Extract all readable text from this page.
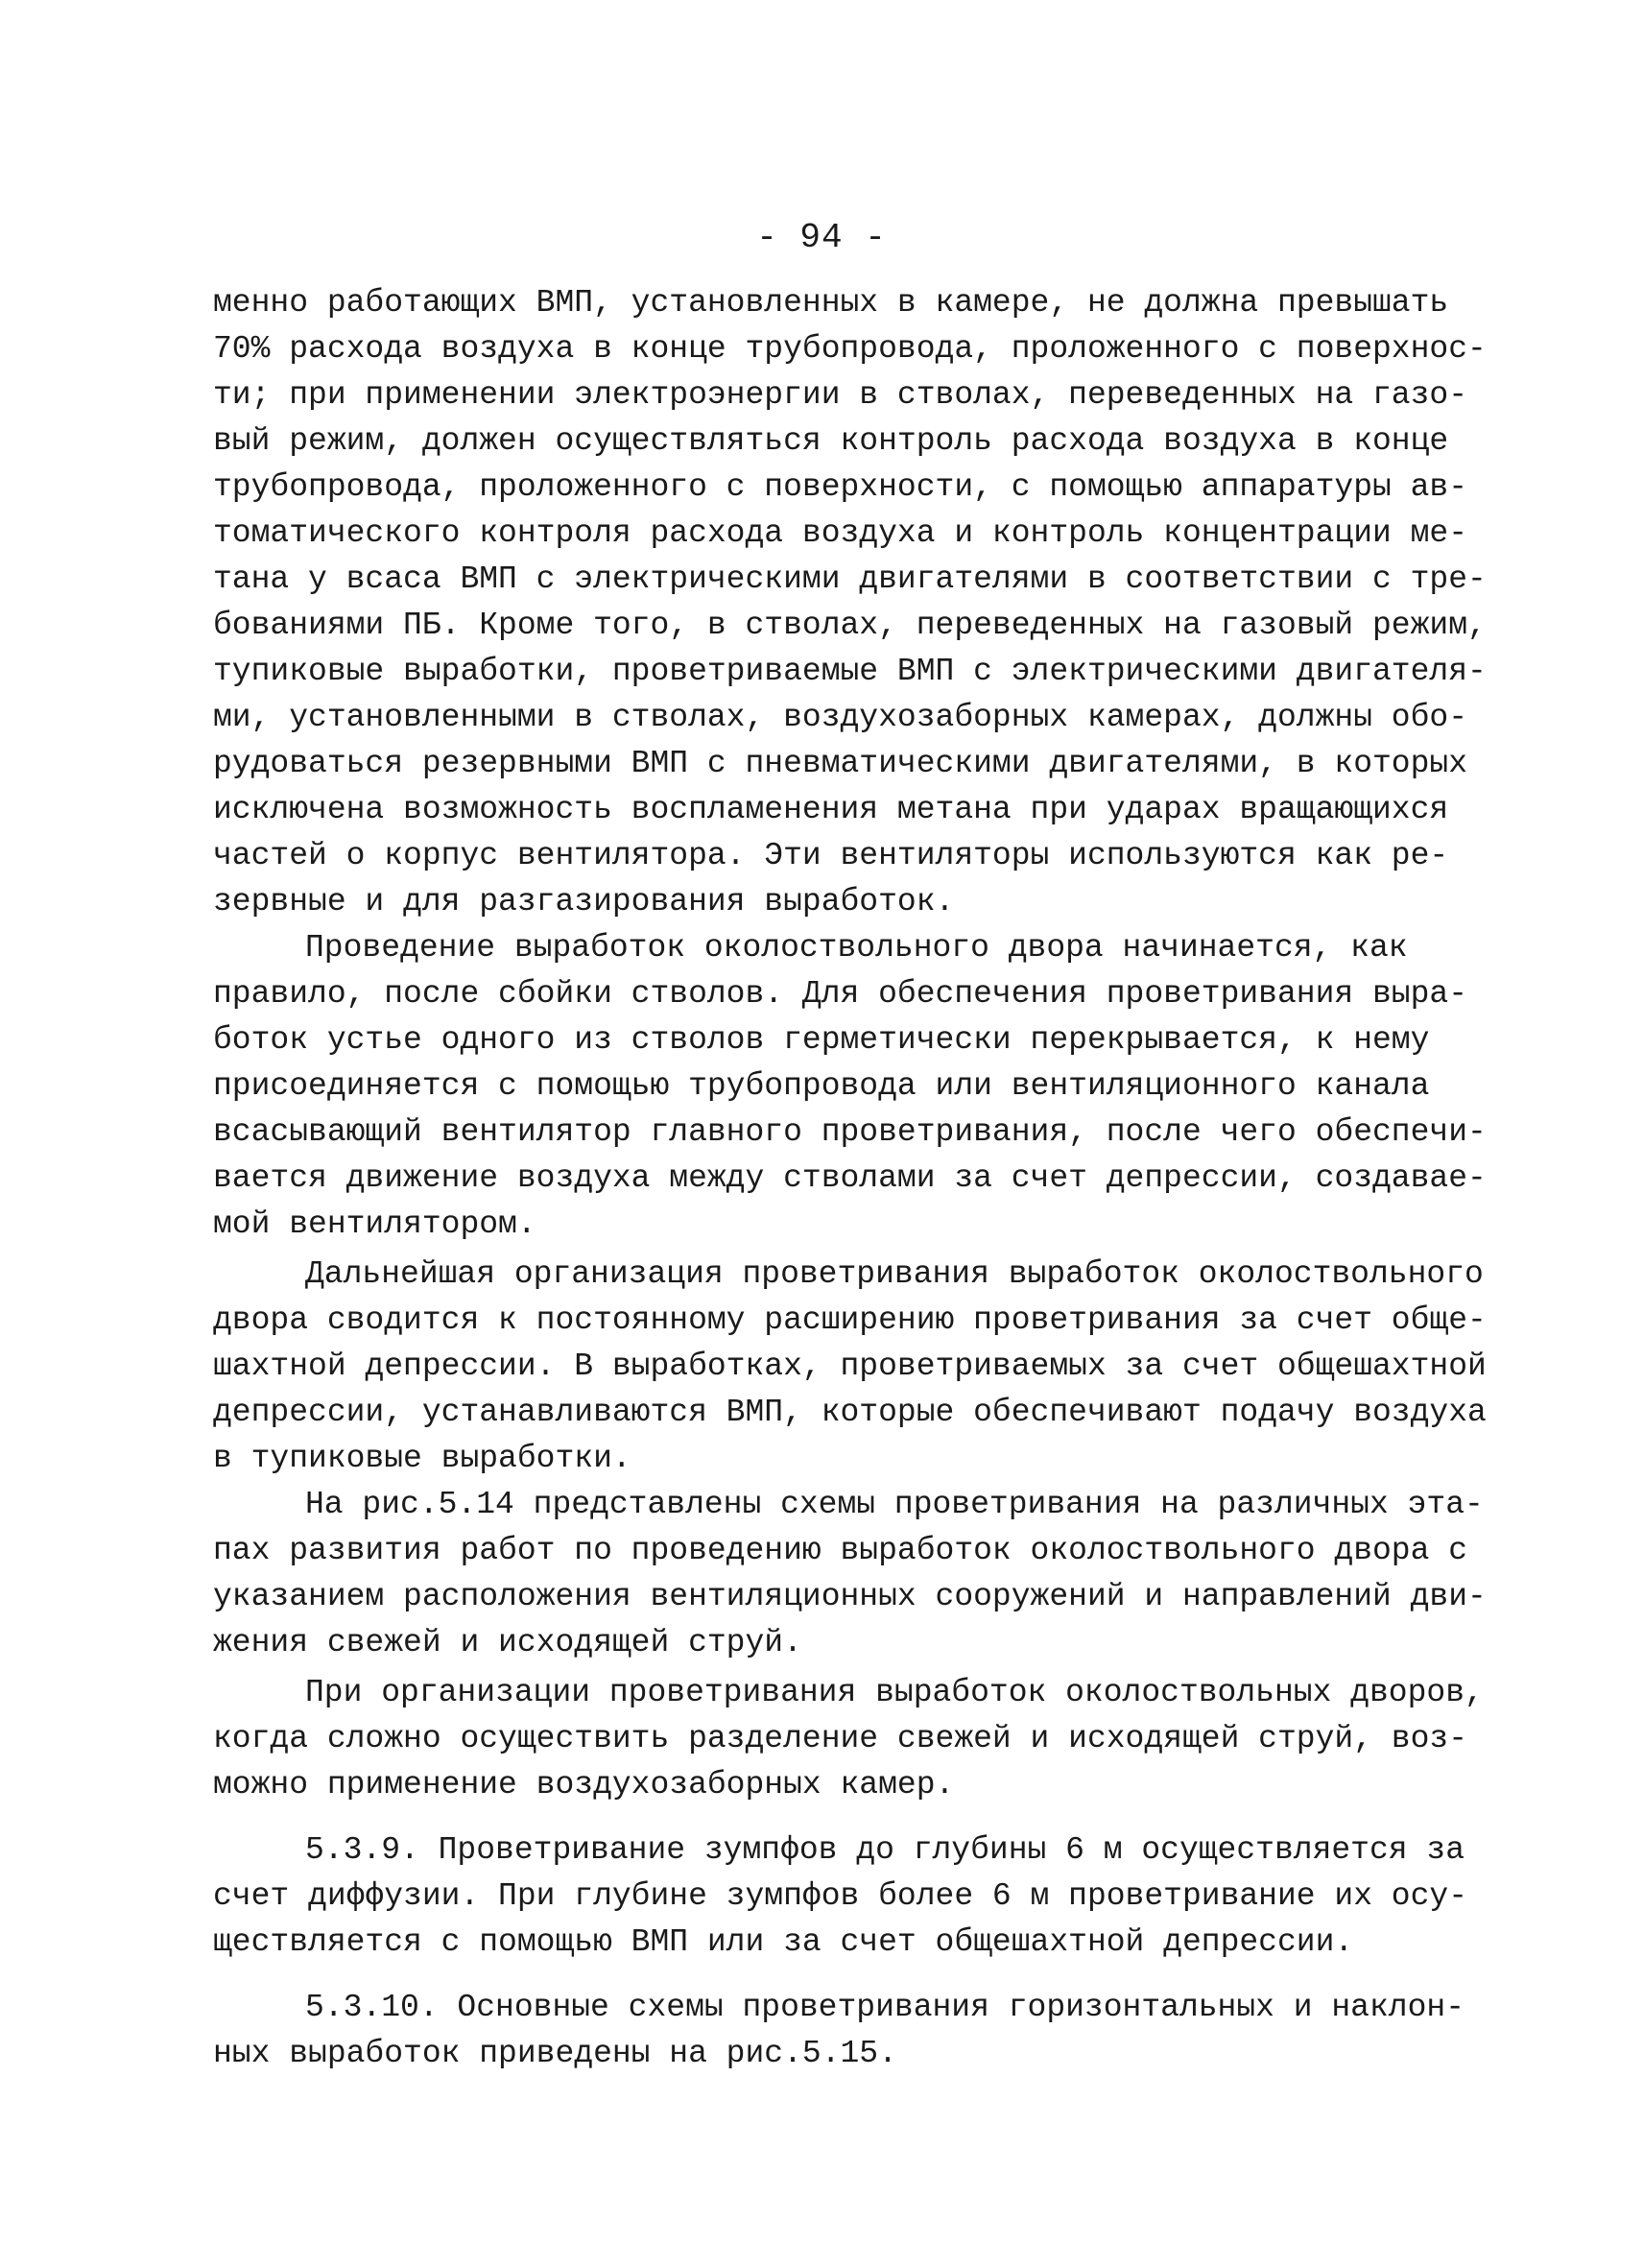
- 94 -
менно работающих ВМП, установленных в камере, не должна превышать
70% расхода воздуха в конце трубопровода, проложенного с поверхнос-
ти; при применении электроэнергии в стволах, переведенных на газо-
вый режим, должен осуществляться контроль расхода воздуха в конце
трубопровода, проложенного с поверхности, с помощью аппаратуры ав-
томатического контроля расхода воздуха и контроль концентрации ме-
тана у всаса ВМП с электрическими двигателями в соответствии с тре-
бованиями ПБ. Кроме того, в стволах, переведенных на газовый режим,
тупиковые выработки, проветриваемые ВМП с электрическими двигателя-
ми, установленными в стволах, воздухозаборных камерах, должны обо-
рудоваться резервными ВМП с пневматическими двигателями, в которых
исключена возможность воспламенения метана при ударах вращающихся
частей о корпус вентилятора. Эти вентиляторы используются как ре-
зервные и для разгазирования выработок.
Проведение выработок околоствольного двора начинается, как
правило, после сбойки стволов. Для обеспечения проветривания выра-
боток устье одного из стволов герметически перекрывается, к нему
присоединяется с помощью трубопровода или вентиляционного канала
всасывающий вентилятор главного проветривания, после чего обеспечи-
вается движение воздуха между стволами за счет депрессии, создавае-
мой вентилятором.
Дальнейшая организация проветривания выработок околоствольного
двора сводится к постоянному расширению проветривания за счет обще-
шахтной депрессии. В выработках, проветриваемых за счет общешахтной
депрессии, устанавливаются ВМП, которые обеспечивают подачу воздуха
в тупиковые выработки.
На рис.5.14 представлены схемы проветривания на различных эта-
пах развития работ по проведению выработок околоствольного двора с
указанием расположения вентиляционных сооружений и направлений дви-
жения свежей и исходящей струй.
При организации проветривания выработок околоствольных дворов,
когда сложно осуществить разделение свежей и исходящей струй, воз-
можно применение воздухозаборных камер.
5.3.9. Проветривание зумпфов до глубины 6 м осуществляется за
счет диффузии. При глубине зумпфов более 6 м проветривание их осу-
ществляется с помощью ВМП или за счет общешахтной депрессии.
5.3.10. Основные схемы проветривания горизонтальных и наклон-
ных выработок приведены на рис.5.15.
